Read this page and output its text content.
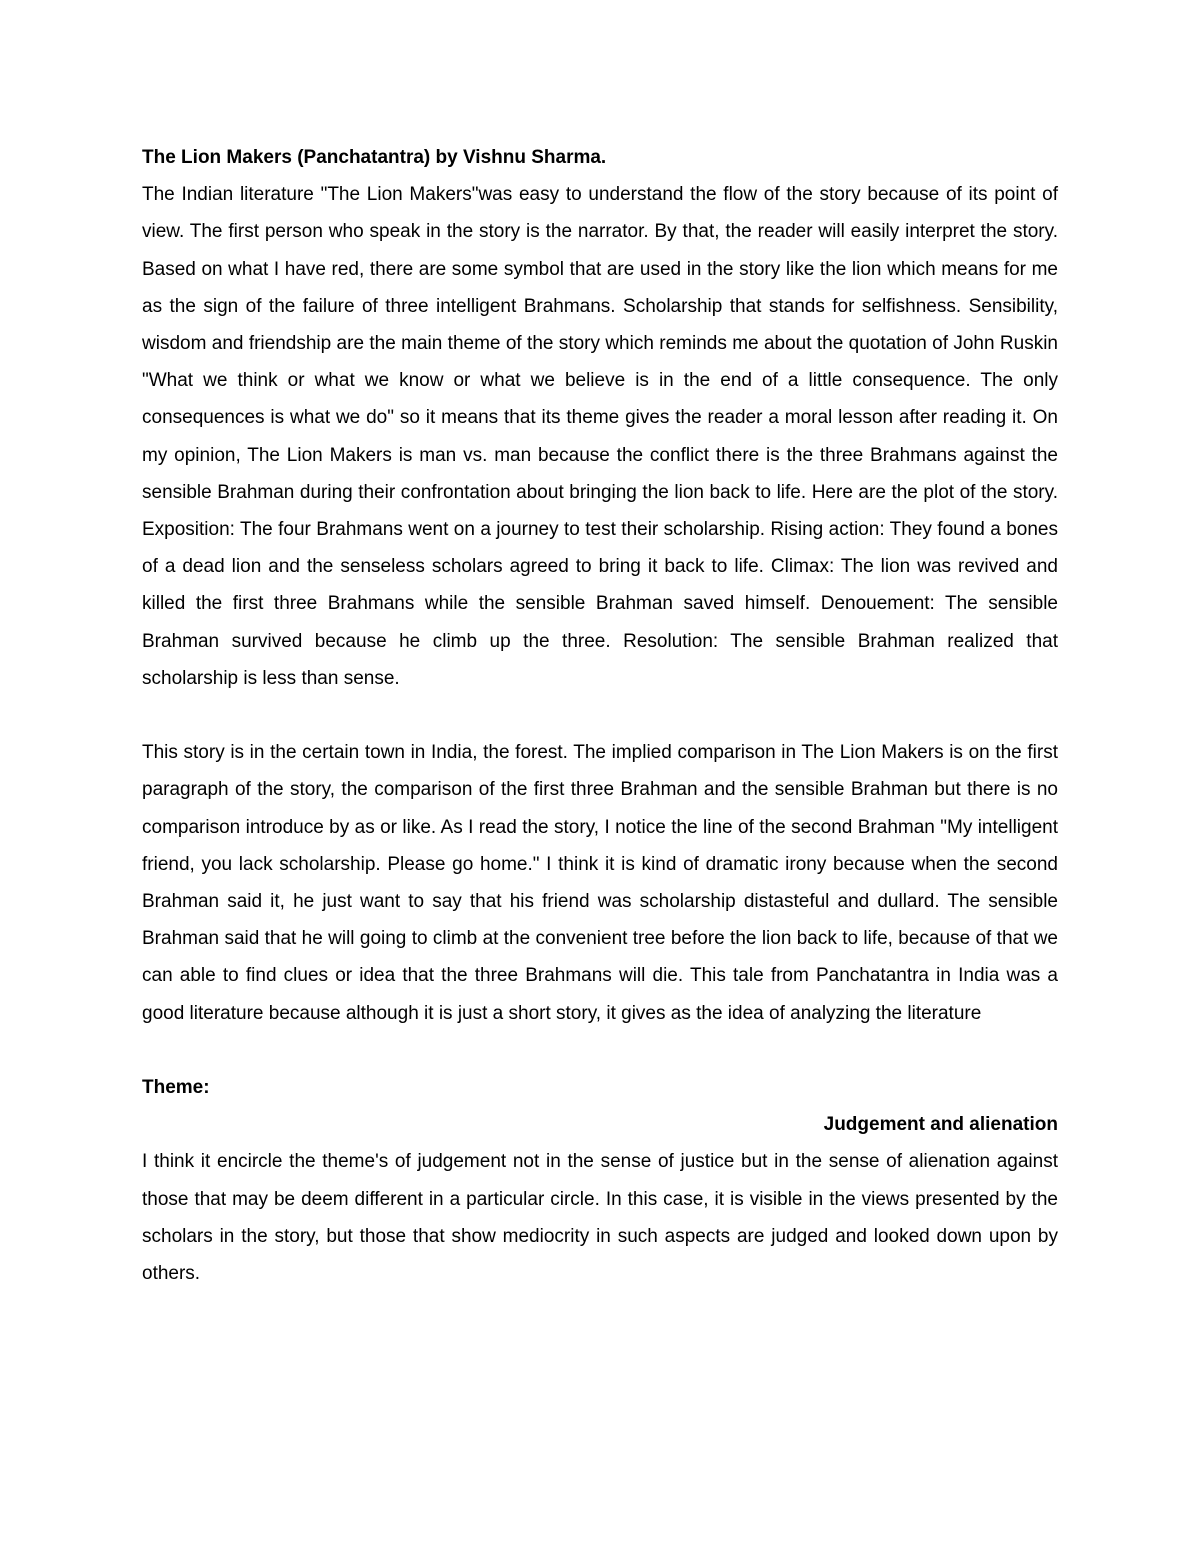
The Lion Makers (Panchatantra) by Vishnu Sharma.

The Indian literature "The Lion Makers"was easy to understand the flow of the story because of its point of view. The first person who speak in the story is the narrator. By that, the reader will easily interpret the story. Based on what I have red, there are some symbol that are used in the story like the lion which means for me as the sign of the failure of three intelligent Brahmans. Scholarship that stands for selfishness. Sensibility, wisdom and friendship are the main theme of the story which reminds me about the quotation of John Ruskin "What we think or what we know or what we believe is in the end of a little consequence. The only consequences is what we do" so it means that its theme gives the reader a moral lesson after reading it. On my opinion, The Lion Makers is man vs. man because the conflict there is the three Brahmans against the sensible Brahman during their confrontation about bringing the lion back to life. Here are the plot of the story. Exposition: The four Brahmans went on a journey to test their scholarship. Rising action: They found a bones of a dead lion and the senseless scholars agreed to bring it back to life. Climax: The lion was revived and killed the first three Brahmans while the sensible Brahman saved himself. Denouement: The sensible Brahman survived because he climb up the three. Resolution: The sensible Brahman realized that scholarship is less than sense.

This story is in the certain town in India, the forest. The implied comparison in The Lion Makers is on the first paragraph of the story, the comparison of the first three Brahman and the sensible Brahman but there is no comparison introduce by as or like. As I read the story, I notice the line of the second Brahman "My intelligent friend, you lack scholarship. Please go home." I think it is kind of dramatic irony because when the second Brahman said it, he just want to say that his friend was scholarship distasteful and dullard. The sensible Brahman said that he will going to climb at the convenient tree before the lion back to life, because of that we can able to find clues or idea that the three Brahmans will die. This tale from Panchatantra in India was a good literature because although it is just a short story, it gives as the idea of analyzing the literature

Theme:

Judgement and alienation

I think it encircle the theme's of judgement not in the sense of justice but in the sense of alienation against those that may be deem different in a particular circle. In this case, it is visible in the views presented by the scholars in the story, but those that show mediocrity in such aspects are judged and looked down upon by others.
